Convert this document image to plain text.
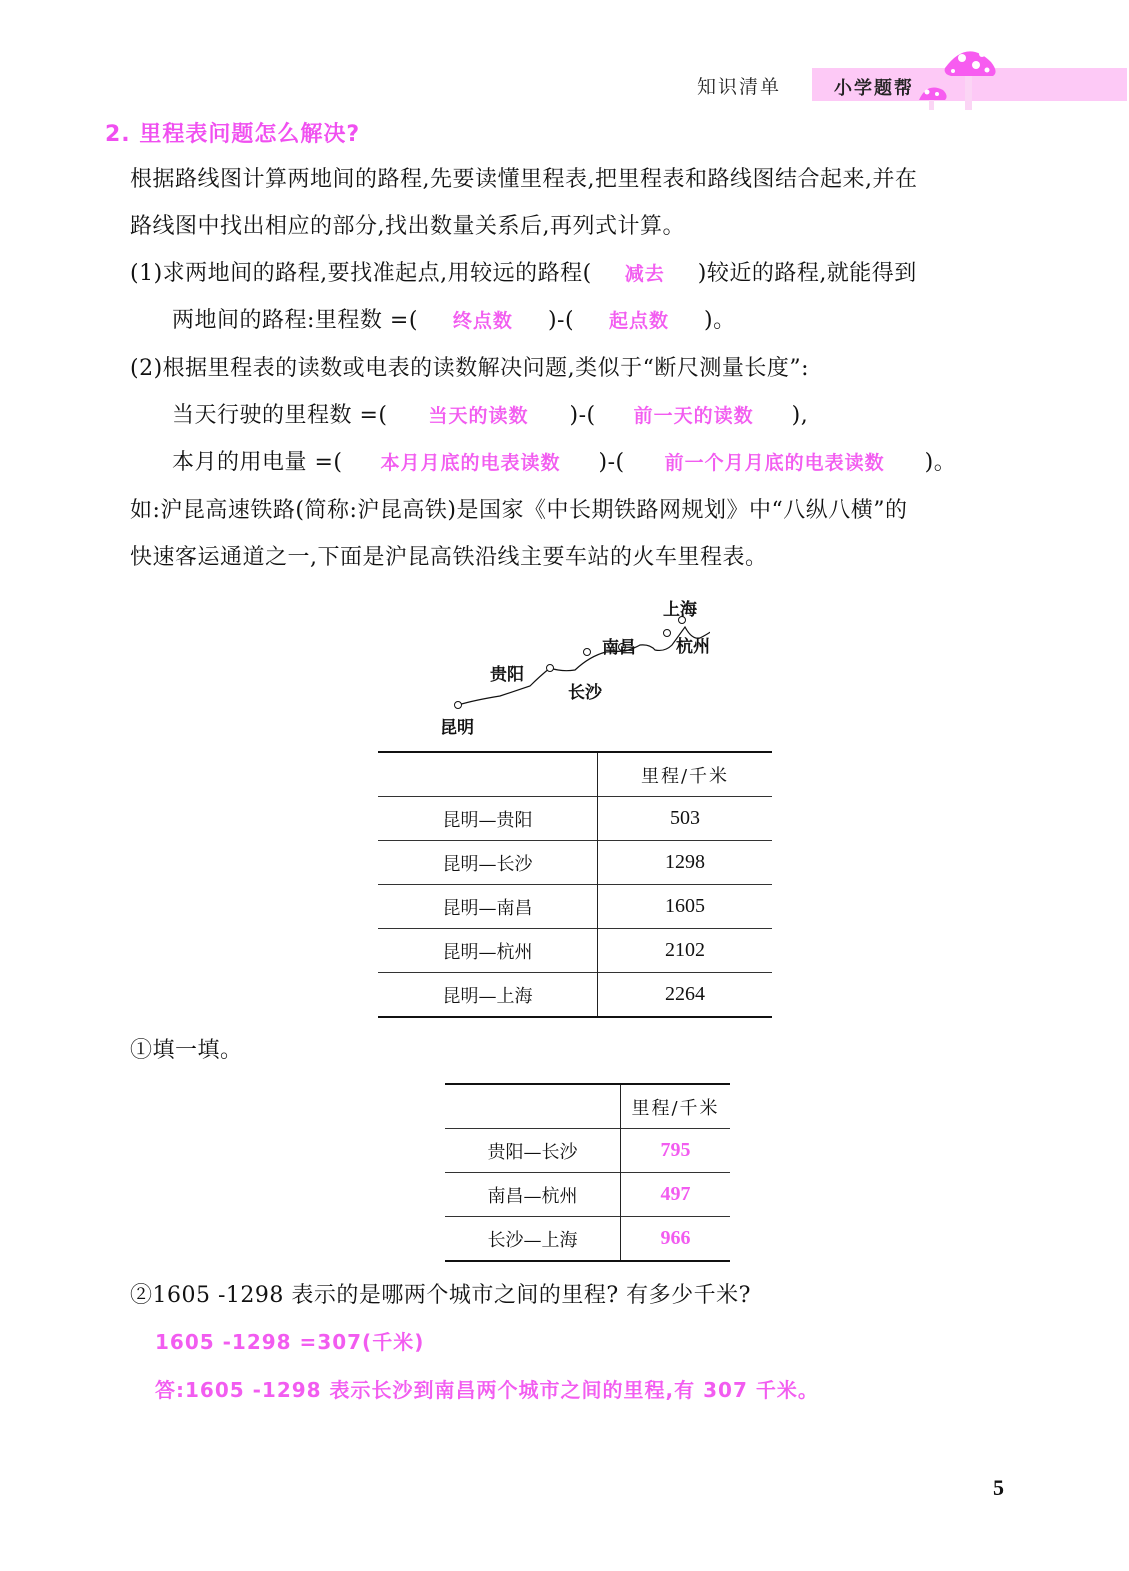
知识清单	小学题帮
2. 里程表问题怎么解决?
根据路线图计算两地间的路程,先要读懂里程表,把里程表和路线图结合起来,并在
路线图中找出相应的部分,找出数量关系后,再列式计算。
(1)求两地间的路程,要找准起点,用较远的路程( 减去 )较近的路程,就能得到
两地间的路程:里程数 =( 终点数 )-( 起点数 )。
(2)根据里程表的读数或电表的读数解决问题,类似于“断尺测量长度”:
当天行驶的里程数 =( 当天的读数 )-( 前一天的读数 ),
本月的用电量 =( 本月月底的电表读数 )-( 前一个月月底的电表读数 )。
如:沪昆高速铁路(简称:沪昆高铁)是国家《中长期铁路网规划》中“八纵八横”的
快速客运通道之一,下面是沪昆高铁沿线主要车站的火车里程表。
昆明
贵阳
长沙
南昌 杭州
上海
	里程/千米
昆明—贵阳	503
昆明—长沙	1298
昆明—南昌	1605
昆明—杭州	2102
昆明—上海	2264
①填一填。
	里程/千米
贵阳—长沙	795
南昌—杭州	497
长沙—上海	966
②1605 -1298 表示的是哪两个城市之间的里程? 有多少千米?
1605 -1298 =307(千米)
答:1605 -1298 表示长沙到南昌两个城市之间的里程,有 307 千米。
5
